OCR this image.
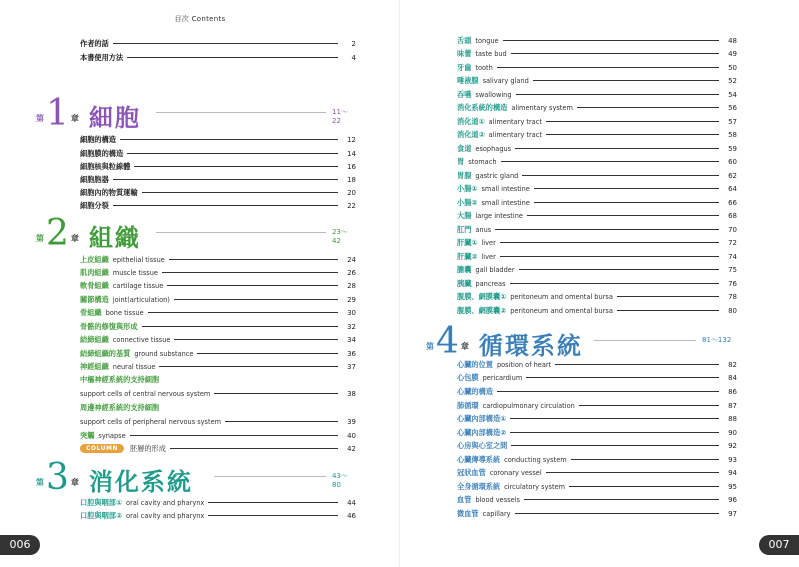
目次 Contents
作者的話	2
本書使用方法	4
第 1 章 細胞	11～22
細胞的構造	12
細胞膜的構造	14
細胞核與粒線體	16
細胞胞器	18
細胞內的物質運輸	20
細胞分裂	22
第 2 章 組織	23～42
上皮組織 epithelial tissue	24
肌肉組織 muscle tissue	26
軟骨組織 cartilage tissue	28
關節構造 joint(articulation)	29
骨組織 bone tissue	30
骨骼的修復與形成	32
結締組織 connective tissue	34
結締組織的基質 ground substance	36
神經組織 neural tissue	37
中樞神經系統的支持細胞
support cells of central nervous system	38
周邊神經系統的支持細胞
support cells of peripheral nervous system	39
突觸 synapse	40
COLUMN	胚層的形成	42
第 3 章 消化系統	43～80
口腔與咽部① oral cavity and pharynx	44
口腔與咽部② oral cavity and pharynx	46
006
舌頭 tongue	48
味蕾 taste bud	49
牙齒 tooth	50
唾液腺 salivary gland	52
吞嚥 swallowing	54
消化系統的構造 alimentary system	56
消化道① alimentary tract	57
消化道② alimentary tract	58
食道 esophagus	59
胃 stomach	60
胃腺 gastric gland	62
小腸① small intestine	64
小腸② small intestine	66
大腸 large intestine	68
肛門 anus	70
肝臟① liver	72
肝臟② liver	74
膽囊 gall bladder	75
胰臟 pancreas	76
腹膜、網膜囊① peritoneum and omental bursa	78
腹膜、網膜囊② peritoneum and omental bursa	80
第 4 章 循環系統	81～132
心臟的位置 position of heart	82
心包膜 pericardium	84
心臟的構造	86
肺循環 cardiopulmonary circulation	87
心臟內部構造①	88
心臟內部構造②	90
心房與心室之間	92
心臟傳導系統 conducting system	93
冠狀血管 coronary vessel	94
全身循環系統 circulatory system	95
血管 blood vessels	96
微血管 capillary	97
007
